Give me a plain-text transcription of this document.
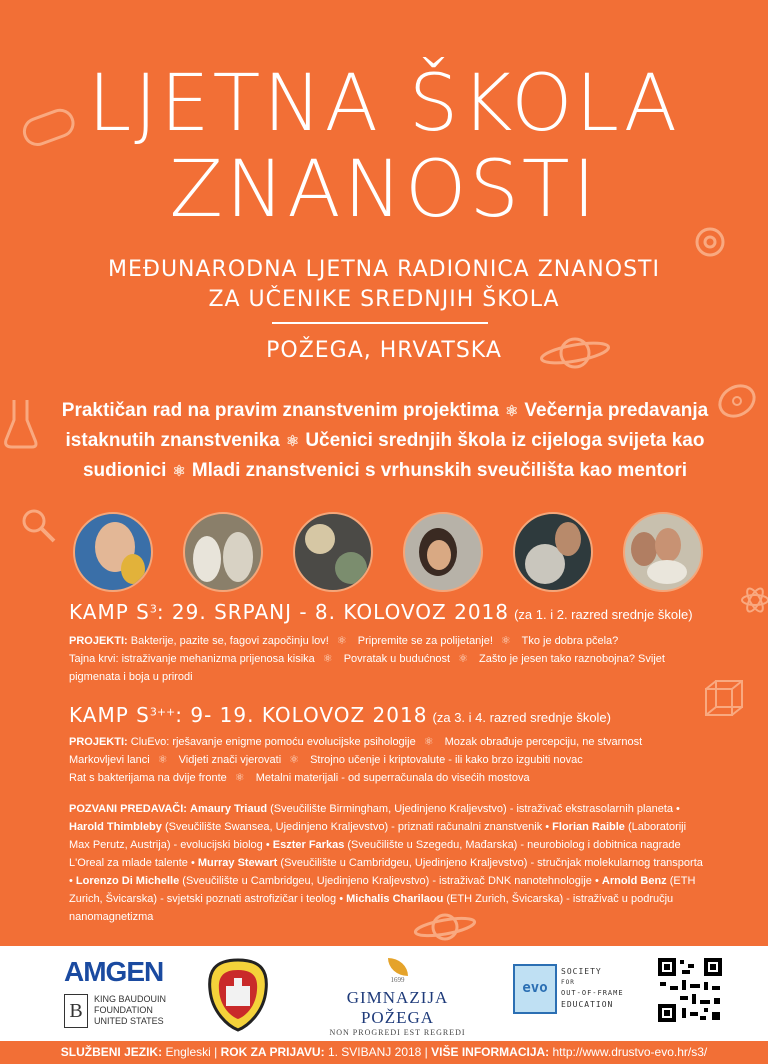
LJETNA ŠKOLA
ZNANOSTI
MEĐUNARODNA LJETNA RADIONICA ZNANOSTI
ZA UČENIKE SREDNJIH ŠKOLA
POŽEGA, HRVATSKA
Praktičan rad na pravim znanstvenim projektima ⚛ Večernja predavanja istaknutih znanstvenika ⚛ Učenici srednjih škola iz cijeloga svijeta kao sudionici ⚛ Mladi znanstvenici s vrhunskih sveučilišta kao mentori
KAMP $S^3$: 29. SRPANJ - 8. KOLOVOZ 2018 (za 1. i 2. razred srednje škole)
PROJEKTI: Bakterije, pazite se, fagovi započinju lov! ⚛ Pripremite se za polijetanje! ⚛ Tko je dobra pčela?
Tajna krvi: istraživanje mehanizma prijenosa kisika ⚛ Povratak u budućnost ⚛ Zašto je jesen tako raznobojna? Svijet pigmenata i boja u prirodi
KAMP $S^{3++}$: 9- 19. KOLOVOZ 2018 (za 3. i 4. razred srednje škole)
PROJEKTI: CluEvo: rješavanje enigme pomoću evolucijske psihologije ⚛ Mozak obrađuje percepciju, ne stvarnost
Markovljevi lanci ⚛ Vidjeti znači vjerovati ⚛ Strojno učenje i kriptovalute - ili kako brzo izgubiti novac
Rat s bakterijama na dvije fronte ⚛ Metalni materijali - od superračunala do visećih mostova
POZVANI PREDAVAČI: Amaury Triaud (Sveučilište Birmingham, Ujedinjeno Kraljevstvo) - istraživač ekstrasolarnih planeta • Harold Thimbleby (Sveučilište Swansea, Ujedinjeno Kraljevstvo) - priznati računalni znanstvenik • Florian Raible (Laboratoriji Max Perutz, Austrija) - evolucijski biolog • Eszter Farkas (Sveučilište u Szegedu, Mađarska) - neurobiolog i dobitnica nagrade L'Oreal za mlade talente • Murray Stewart (Sveučilište u Cambridgeu, Ujedinjeno Kraljevstvo) - stručnjak molekularnog transporta • Lorenzo Di Michelle (Sveučilište u Cambridgeu, Ujedinjeno Kraljevstvo) - istraživač DNK nanotehnologije • Arnold Benz (ETH Zurich, Švicarska) - svjetski poznati astrofizičar i teolog • Michalis Charilaou (ETH Zurich, Švicarska) - istraživač u području nanomagnetizma
AMGEN
B
KING BAUDOUIN
FOUNDATION
UNITED STATES
1699
GIMNAZIJA POŽEGA
NON PROGREDI EST REGREDI
evo
SOCIETY
FOR
OUT-OF-FRAME
EDUCATION
SLUŽBENI JEZIK: Engleski | ROK ZA PRIJAVU: 1. SVIBANJ 2018 | VIŠE INFORMACIJA: http://www.drustvo-evo.hr/s3/
